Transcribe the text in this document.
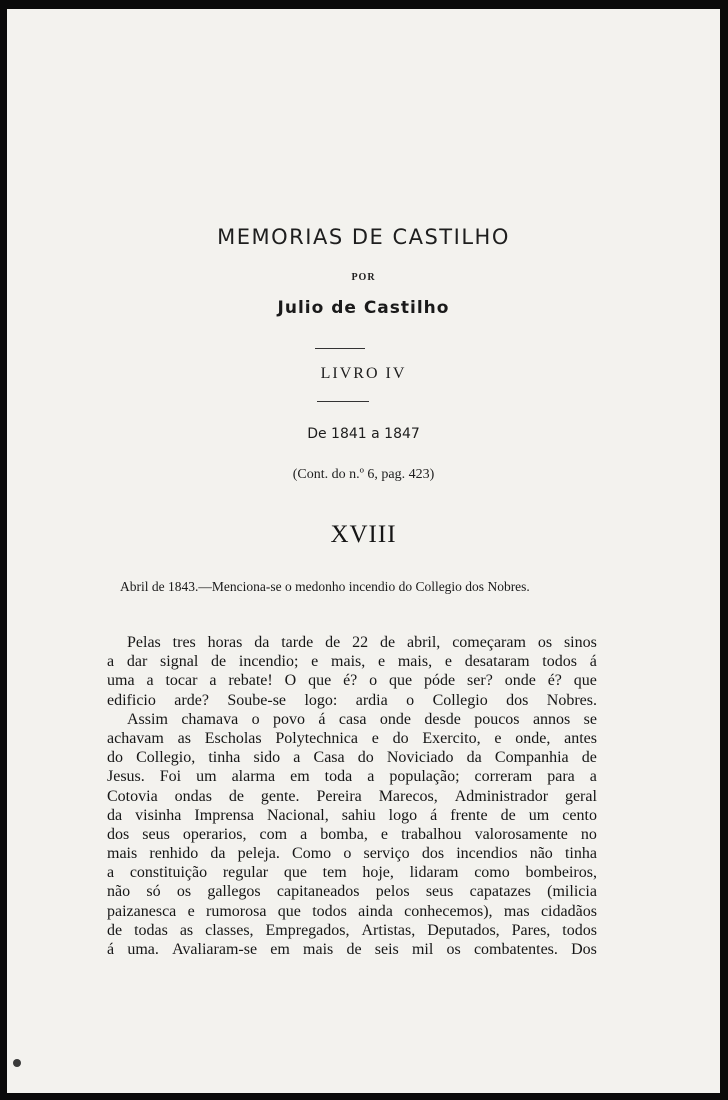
MEMORIAS DE CASTILHO
POR
Julio de Castilho
LIVRO IV
De 1841 a 1847
(Cont. do n.º 6, pag. 423)
XVIII
Abril de 1843.—Menciona-se o medonho incendio do Collegio dos Nobres.
Pelas tres horas da tarde de 22 de abril, começaram os sinos
a dar signal de incendio; e mais, e mais, e desataram todos á
uma a tocar a rebate! O que é? o que póde ser? onde é? que
edificio arde? Soube-se logo: ardia o Collegio dos Nobres.
Assim chamava o povo á casa onde desde poucos annos se
achavam as Escholas Polytechnica e do Exercito, e onde, antes
do Collegio, tinha sido a Casa do Noviciado da Companhia de
Jesus. Foi um alarma em toda a população; correram para a
Cotovia ondas de gente. Pereira Marecos, Administrador geral
da visinha Imprensa Nacional, sahiu logo á frente de um cento
dos seus operarios, com a bomba, e trabalhou valorosamente no
mais renhido da peleja. Como o serviço dos incendios não tinha
a constituição regular que tem hoje, lidaram como bombeiros,
não só os gallegos capitaneados pelos seus capatazes (milicia
paizanesca e rumorosa que todos ainda conhecemos), mas cidadãos
de todas as classes, Empregados, Artistas, Deputados, Pares, todos
á uma. Avaliaram-se em mais de seis mil os combatentes. Dos
